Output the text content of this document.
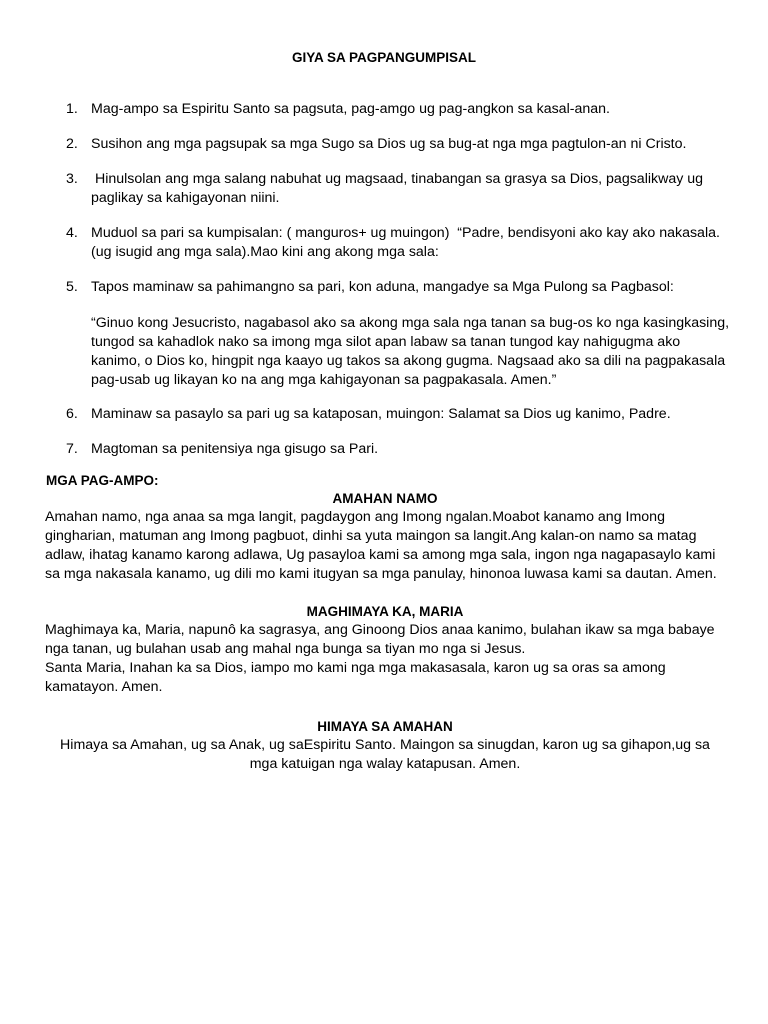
GIYA SA PAGPANGUMPISAL
1. Mag-ampo sa Espiritu Santo sa pagsuta, pag-amgo ug pag-angkon sa kasal-anan.
2. Susihon ang mga pagsupak sa mga Sugo sa Dios ug sa bug-at nga mga pagtulon-an ni Cristo.
3. Hinulsolan ang mga salang nabuhat ug magsaad, tinabangan sa grasya sa Dios, pagsalikway ug paglikay sa kahigayonan niini.
4. Muduol sa pari sa kumpisalan: ( manguros+ ug muingon)  “Padre, bendisyoni ako kay ako nakasala. (ug isugid ang mga sala).Mao kini ang akong mga sala:
5. Tapos maminaw sa pahimangno sa pari, kon aduna, mangadye sa Mga Pulong sa Pagbasol:
“Ginuo kong Jesucristo, nagabasol ako sa akong mga sala nga tanan sa bug-os ko nga kasingkasing, tungod sa kahadlok nako sa imong mga silot apan labaw sa tanan tungod kay nahigugma ako kanimo, o Dios ko, hingpit nga kaayo ug takos sa akong gugma. Nagsaad ako sa dili na pagpakasala pag-usab ug likayan ko na ang mga kahigayonan sa pagpakasala. Amen.”
6. Maminaw sa pasaylo sa pari ug sa kataposan, muingon: Salamat sa Dios ug kanimo, Padre.
7. Magtoman sa penitensiya nga gisugo sa Pari.
MGA PAG-AMPO:
AMAHAN NAMO

Amahan namo, nga anaa sa mga langit, pagdaygon ang Imong ngalan.Moabot kanamo ang Imong gingharian, matuman ang Imong pagbuot, dinhi sa yuta maingon sa langit.Ang kalan-on namo sa matag adlaw, ihatag kanamo karong adlawa, Ug pasayloa kami sa among mga sala, ingon nga nagapasaylo kami sa mga nakasala kanamo, ug dili mo kami itugyan sa mga panulay, hinonoa luwasa kami sa dautan. Amen.

MAGHIMAYA KA, MARIA

Maghimaya ka, Maria, napunô ka sagrasya, ang Ginoong Dios anaa kanimo, bulahan ikaw sa mga babaye nga tanan, ug bulahan usab ang mahal nga bunga sa tiyan mo nga si Jesus.

Santa Maria, Inahan ka sa Dios, iampo mo kami nga mga makasasala, karon ug sa oras sa among kamatayon. Amen.

HIMAYA SA AMAHAN

Himaya sa Amahan, ug sa Anak, ug saEspiritu Santo. Maingon sa sinugdan, karon ug sa gihapon,ug sa mga katuigan nga walay katapusan. Amen.
